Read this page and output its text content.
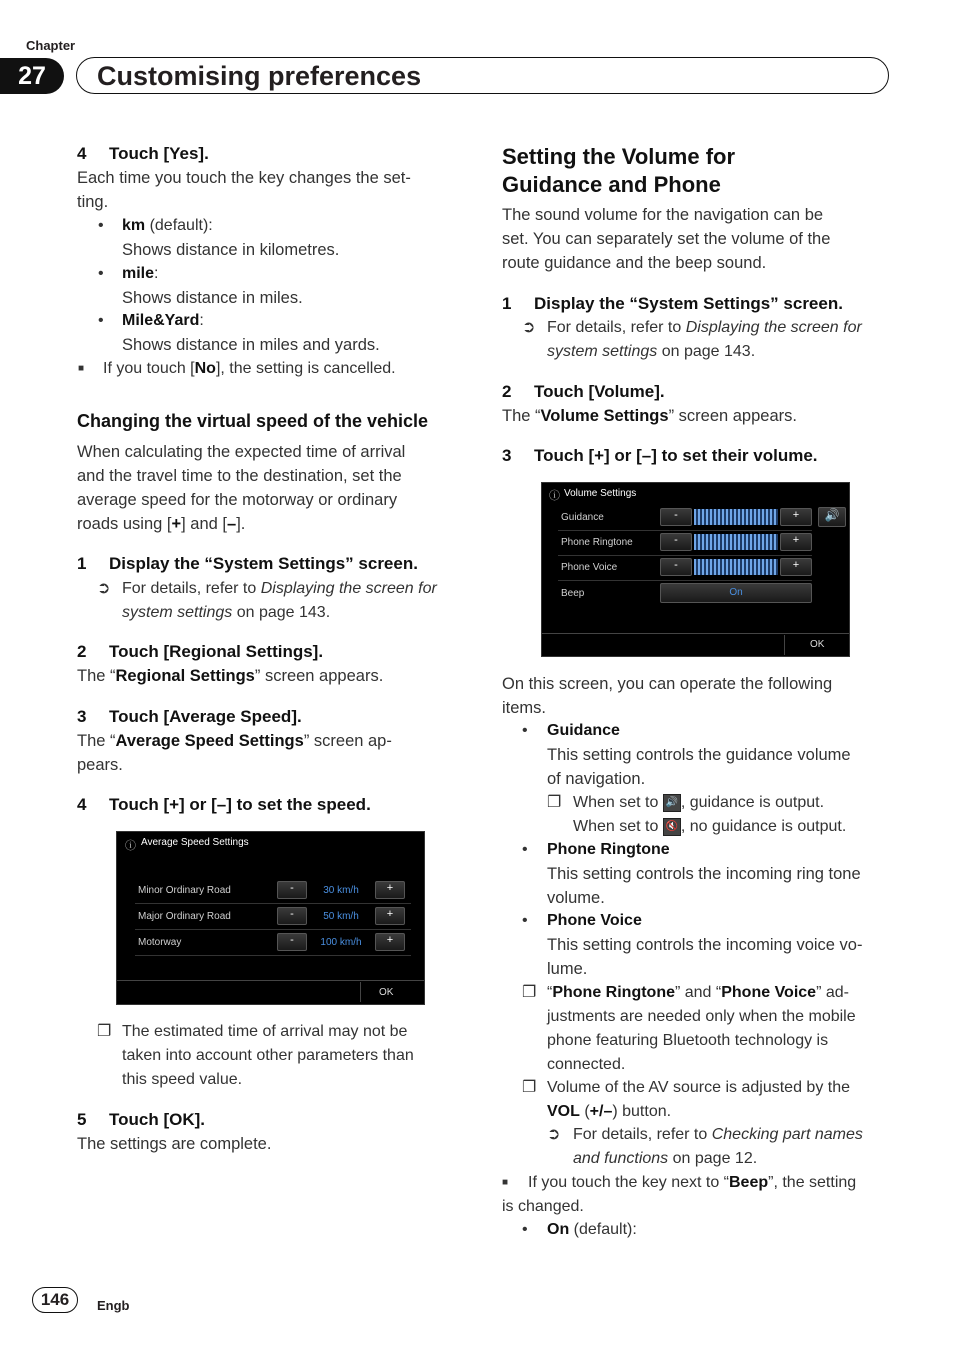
Chapter
27	Customising preferences
4 Touch [Yes].
Each time you touch the key changes the set-
ting.
• km (default):
Shows distance in kilometres.
• mile:
Shows distance in miles.
• Mile&Yard:
Shows distance in miles and yards.
■ If you touch [No], the setting is cancelled.
Changing the virtual speed of the vehicle
When calculating the expected time of arrival
and the travel time to the destination, set the
average speed for the motorway or ordinary
roads using [+] and [–].
1 Display the “System Settings” screen.
➲ For details, refer to Displaying the screen for
system settings on page 143.
2 Touch [Regional Settings].
The “Regional Settings” screen appears.
3 Touch [Average Speed].
The “Average Speed Settings” screen ap-
pears.
4 Touch [+] or [–] to set the speed.
ⓘ Average Speed Settings
Minor Ordinary Road	-	30 km/h	+
Major Ordinary Road	-	50 km/h	+
Motorway	-	100 km/h	+
OK
❐ The estimated time of arrival may not be
taken into account other parameters than
this speed value.
5 Touch [OK].
The settings are complete.
Setting the Volume for
Guidance and Phone
The sound volume for the navigation can be
set. You can separately set the volume of the
route guidance and the beep sound.
1 Display the “System Settings” screen.
➲ For details, refer to Displaying the screen for
system settings on page 143.
2 Touch [Volume].
The “Volume Settings” screen appears.
3 Touch [+] or [–] to set their volume.
ⓘ Volume Settings
Guidance	-	+	🔊
Phone Ringtone	-	+
Phone Voice	-	+
Beep	On
OK
On this screen, you can operate the following
items.
• Guidance
This setting controls the guidance volume
of navigation.
❐ When set to 🔊 , guidance is output.
When set to 🔇 , no guidance is output.
• Phone Ringtone
This setting controls the incoming ring tone
volume.
• Phone Voice
This setting controls the incoming voice vo-
lume.
❐ “Phone Ringtone” and “Phone Voice” ad-
justments are needed only when the mobile
phone featuring Bluetooth technology is
connected.
❐ Volume of the AV source is adjusted by the
VOL (+/–) button.
➲ For details, refer to Checking part names
and functions on page 12.
■ If you touch the key next to “Beep”, the setting
is changed.
• On (default):
146	Engb
